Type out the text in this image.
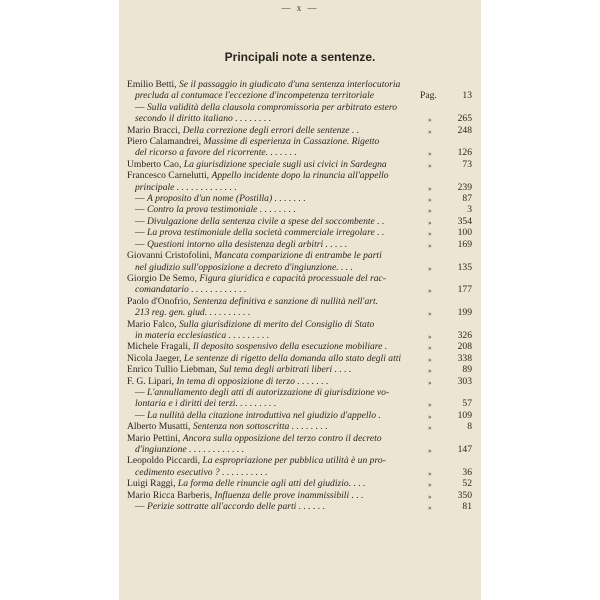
— x —
Principali note a sentenze.
Emilio Betti, Se il passaggio in giudicato d'una sentenza interlocutoria
precluda al contumace l'eccezione d'incompetenza territoriale	Pag.	13
— Sulla validità della clausola compromissoria per arbitrato estero
secondo il diritto italiano . . . . . . . .	»	265
Mario Bracci, Della correzione degli errori delle sentenze . .	»	248
Piero Calamandrei, Massime di esperienza in Cassazione. Rigetto
del ricorso a favore del ricorrente. . . . . . .	»	126
Umberto Cao, La giurisdizione speciale sugli usi civici in Sardegna	»	73
Francesco Carnelutti, Appello incidente dopo la rinuncia all'appello
principale . . . . . . . . . . . . .	»	239
— A proposito d'un nome (Postilla) . . . . . . .	»	87
— Contro la prova testimoniale . . . . . . . .	»	3
— Divulgazione della sentenza civile a spese del soccombente . .	»	354
— La prova testimoniale della società commerciale irregolare . .	»	100
— Questioni intorno alla desistenza degli arbitri . . . . .	»	169
Giovanni Cristofolini, Mancata comparizione di entrambe le parti
nel giudizio sull'opposizione a decreto d'ingiunzione. . . .	»	135
Giorgio De Semo, Figura giuridica e capacità processuale del rac-
comandatario . . . . . . . . . . . .	»	177
Paolo d'Onofrio, Sentenza definitiva e sanzione di nullità nell'art.
213 reg. gen. giud. . . . . . . . . .	»	199
Mario Falco, Sulla giurisdizione di merito del Consiglio di Stato
in materia ecclesiastica . . . . . . . . .	»	326
Michele Fragali, Il deposito sospensivo della esecuzione mobiliare .	»	208
Nicola Jaeger, Le sentenze di rigetto della domanda allo stato degli atti	»	338
Enrico Tullio Liebman, Sul tema degli arbitrati liberi . . . .	»	89
F. G. Lipari, In tema di opposizione di terzo . . . . . . .	»	303
— L'annullamento degli atti di autorizzazione di giurisdizione vo-
lontaria e i diritti dei terzi. . . . . . . . .	»	57
— La nullità della citazione introduttiva nel giudizio d'appello .	»	109
Alberto Musatti, Sentenza non sottoscritta . . . . . . . .	»	8
Mario Pettini, Ancora sulla opposizione del terzo contro il decreto
d'ingiunzione . . . . . . . . . . . .	»	147
Leopoldo Piccardi, La espropriazione per pubblica utilità è un pro-
cedimento esecutivo ? . . . . . . . . . .	»	36
Luigi Raggi, La forma delle rinuncie agli atti del giudizio. . . .	»	52
Mario Ricca Barberis, Influenza delle prove inammissibili . . .	»	350
— Perizie sottratte all'accordo delle parti . . . . . .	»	81
